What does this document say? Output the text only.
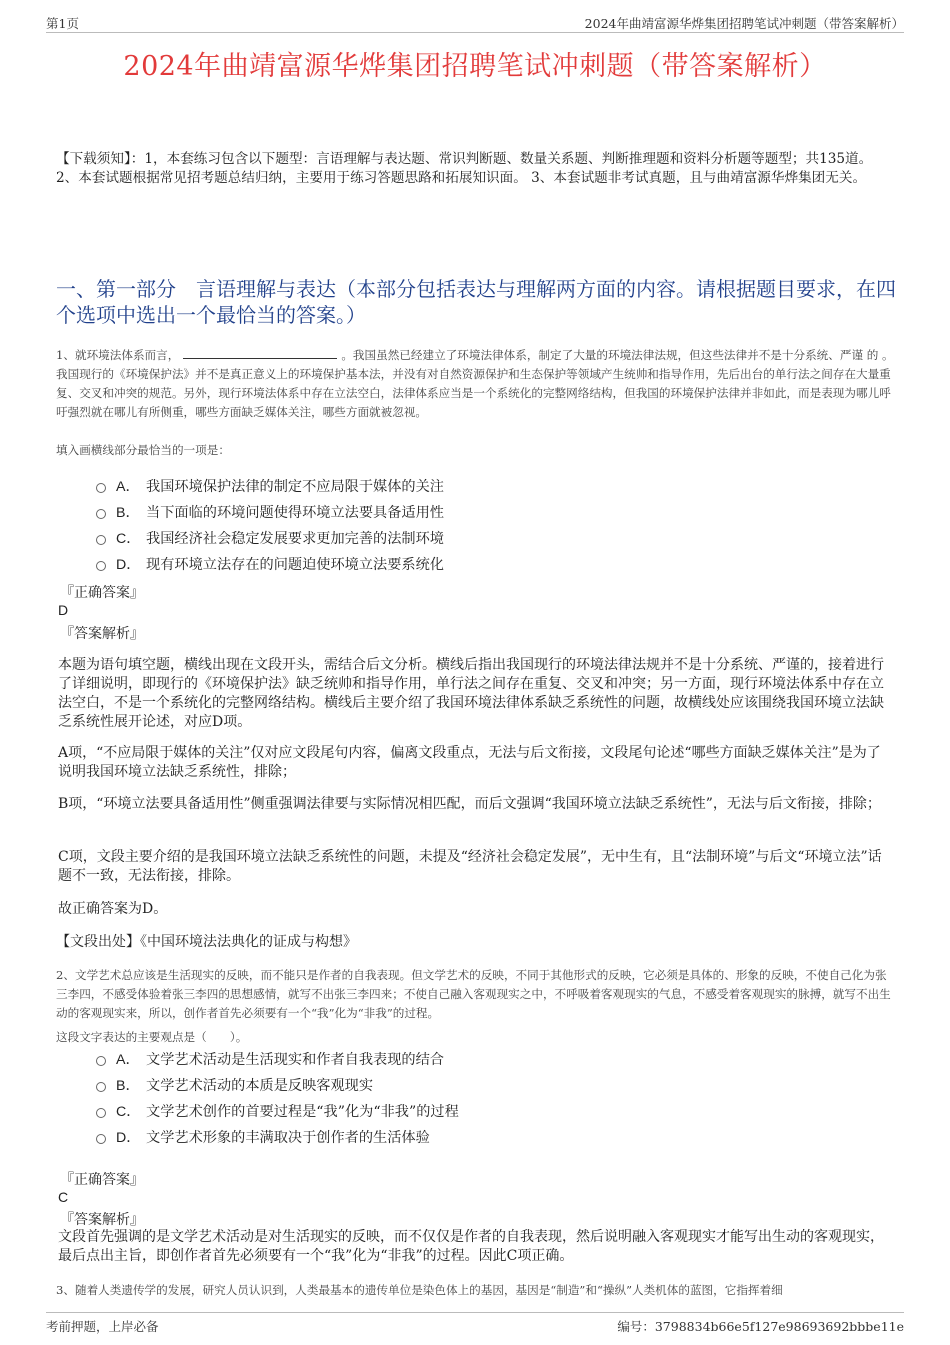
第1页	2024年曲靖富源华烨集团招聘笔试冲刺题（带答案解析）
2024年曲靖富源华烨集团招聘笔试冲刺题（带答案解析）
【下载须知】：1，本套练习包含以下题型：言语理解与表达题、常识判断题、数量关系题、判断推理题和资料分析题等题型；共135道。 2、本套试题根据常见招考题总结归纳，主要用于练习答题思路和拓展知识面。 3、本套试题非考试真题，且与曲靖富源华烨集团无关。
一、第一部分　言语理解与表达（本部分包括表达与理解两方面的内容。请根据题目要求，在四个选项中选出一个最恰当的答案。）
1、就环境法体系而言，	。我国虽然已经建立了环境法律体系，制定了大量的环境法律法规，但这些法律并不是十分系统、严谨 的 。我国现行的《环境保护法》并不是真正意义上的环境保护基本法，并没有对自然资源保护和生态保护等领域产生统帅和指导作用，先后出台的单行法之间存在大量重复、交叉和冲突的规范。另外，现行环境法体系中存在立法空白，法律体系应当是一个系统化的完整网络结构，但我国的环境保护法律并非如此，而是表现为哪儿呼吁强烈就在哪儿有所侧重，哪些方面缺乏媒体关注，哪些方面就被忽视。
填入画横线部分最恰当的一项是：
A． 我国环境保护法律的制定不应局限于媒体的关注
B． 当下面临的环境问题使得环境立法要具备适用性
C． 我国经济社会稳定发展要求更加完善的法制环境
D． 现有环境立法存在的问题迫使环境立法要系统化
『正确答案』
D
『答案解析』
本题为语句填空题，横线出现在文段开头，需结合后文分析。横线后指出我国现行的环境法律法规并不是十分系统、严谨的，接着进行了详细说明，即现行的《环境保护法》缺乏统帅和指导作用，单行法之间存在重复、交叉和冲突；另一方面，现行环境法体系中存在立法空白，不是一个系统化的完整网络结构。横线后主要介绍了我国环境法律体系缺乏系统性的问题，故横线处应该围绕我国环境立法缺乏系统性展开论述，对应D项。
A项，“不应局限于媒体的关注”仅对应文段尾句内容，偏离文段重点，无法与后文衔接，文段尾句论述“哪些方面缺乏媒体关注”是为了说明我国环境立法缺乏系统性，排除；
B项，“环境立法要具备适用性”侧重强调法律要与实际情况相匹配，而后文强调“我国环境立法缺乏系统性”，无法与后文衔接，排除；
C项，文段主要介绍的是我国环境立法缺乏系统性的问题，未提及“经济社会稳定发展”，无中生有，且“法制环境”与后文“环境立法”话题不一致，无法衔接，排除。
故正确答案为D。
【文段出处】《中国环境法法典化的证成与构想》
2、文学艺术总应该是生活现实的反映，而不能只是作者的自我表现。但文学艺术的反映，不同于其他形式的反映，它必须是具体的、形象的反映，不使自己化为张三李四，不感受体验着张三李四的思想感情，就写不出张三李四来；不使自己融入客观现实之中，不呼吸着客观现实的气息，不感受着客观现实的脉搏，就写不出生动的客观现实来，所以，创作者首先必须要有一个“我”化为“非我”的过程。
这段文字表达的主要观点是（　　）。
A． 文学艺术活动是生活现实和作者自我表现的结合
B． 文学艺术活动的本质是反映客观现实
C． 文学艺术创作的首要过程是“我”化为“非我”的过程
D． 文学艺术形象的丰满取决于创作者的生活体验
『正确答案』
C
『答案解析』
文段首先强调的是文学艺术活动是对生活现实的反映，而不仅仅是作者的自我表现，然后说明融入客观现实才能写出生动的客观现实，最后点出主旨，即创作者首先必须要有一个“我”化为“非我”的过程。因此C项正确。
3、随着人类遗传学的发展，研究人员认识到，人类最基本的遗传单位是染色体上的基因，基因是“制造”和“操纵”人类机体的蓝图，它指挥着细
考前押题，上岸必备	编号：3798834b66e5f127e98693692bbbe11e
